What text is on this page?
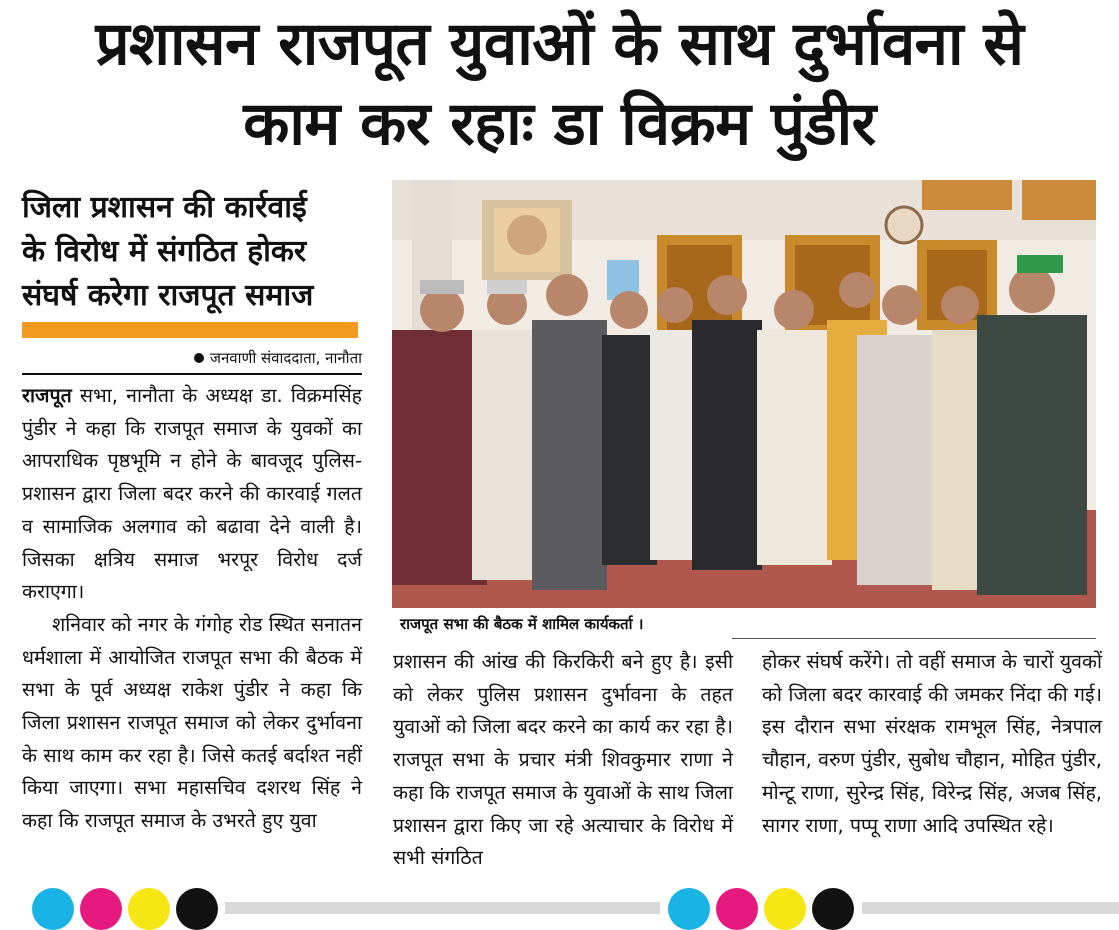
प्रशासन राजपूत युवाओं के साथ दुर्भावना से
काम कर रहाः डा विक्रम पुंडीर
जिला प्रशासन की कार्रवाई
के विरोध में संगठित होकर
संघर्ष करेगा राजपूत समाज
जनवाणी संवाददाता, नानौता

राजपूत सभा, नानौता के अध्यक्ष डा. विक्रमसिंह पुंडीर ने कहा कि राजपूत समाज के युवकों का आपराधिक पृष्ठभूमि न होने के बावजूद पुलिस-प्रशासन द्वारा जिला बदर करने की कारवाई गलत व सामाजिक अलगाव को बढावा देने वाली है। जिसका क्षत्रिय समाज भरपूर विरोध दर्ज कराएगा।

शनिवार को नगर के गंगोह रोड स्थित सनातन धर्मशाला में आयोजित राजपूत सभा की बैठक में सभा के पूर्व अध्यक्ष राकेश पुंडीर ने कहा कि जिला प्रशासन राजपूत समाज को लेकर दुर्भावना के साथ काम कर रहा है। जिसे कतई बर्दाश्त नहीं किया जाएगा। सभा महासचिव दशरथ सिंह ने कहा कि राजपूत समाज के उभरते हुए युवा

राजपूत सभा की बैठक में शामिल कार्यकर्ता ।

प्रशासन की आंख की किरकिरी बने हुए है। इसी को लेकर पुलिस प्रशासन दुर्भावना के तहत युवाओं को जिला बदर करने का कार्य कर रहा है। राजपूत सभा के प्रचार मंत्री शिवकुमार राणा ने कहा कि राजपूत समाज के युवाओं के साथ जिला प्रशासन द्वारा किए जा रहे अत्याचार के विरोध में सभी संगठित

होकर संघर्ष करेंगे। तो वहीं समाज के चारों युवकों को जिला बदर कारवाई की जमकर निंदा की गई। इस दौरान सभा संरक्षक रामभूल सिंह, नेत्रपाल चौहान, वरुण पुंडीर, सुबोध चौहान, मोहित पुंडीर, मोन्टू राणा, सुरेन्द्र सिंह, विरेन्द्र सिंह, अजब सिंह, सागर राणा, पप्पू राणा आदि उपस्थित रहे।
